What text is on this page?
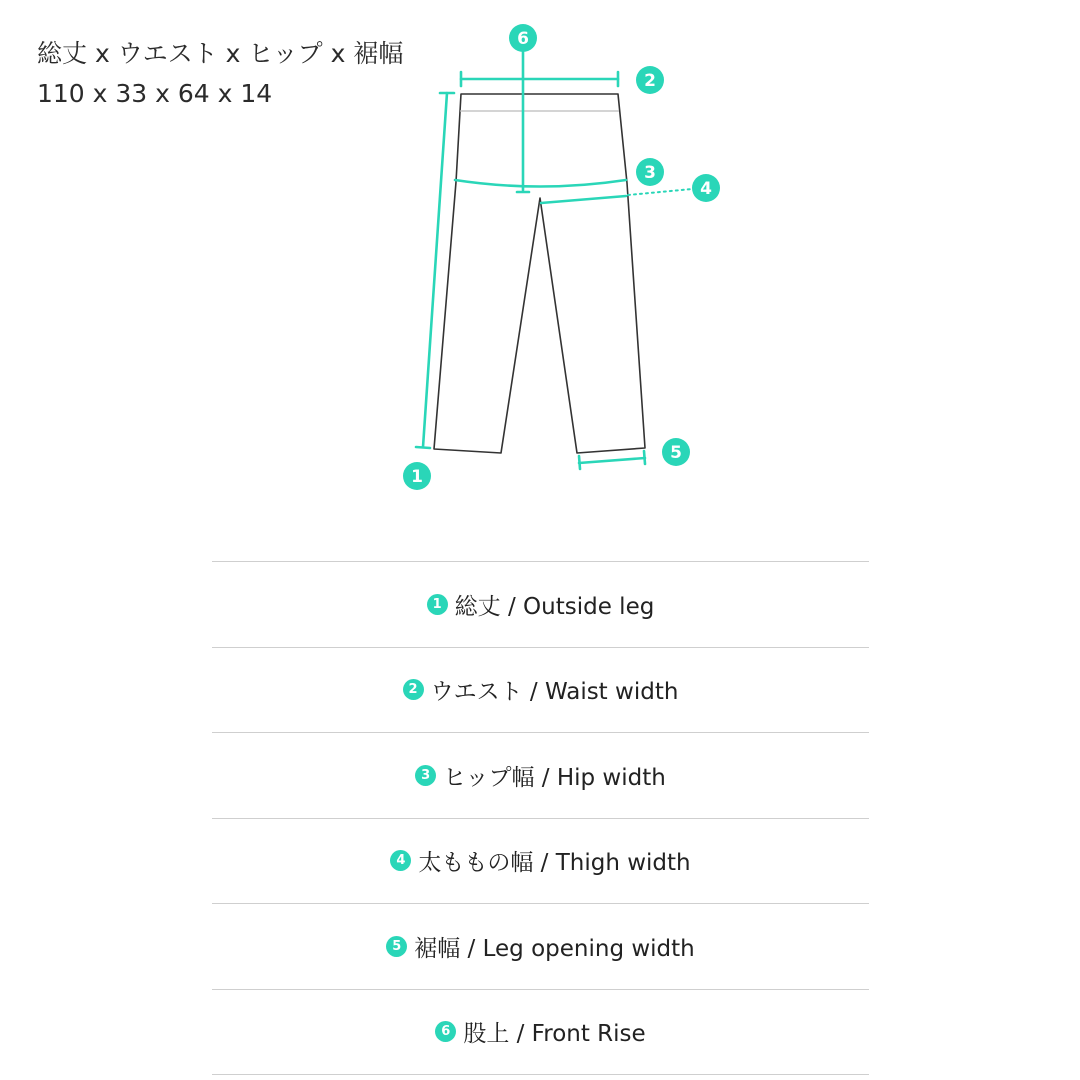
総丈 x ウエスト x ヒップ x 裾幅
110 x 33 x 64 x 14
1
2
3
4
5
6
1 総丈 / Outside leg
2 ウエスト / Waist width
3 ヒップ幅 / Hip width
4 太ももの幅 / Thigh width
5 裾幅 / Leg opening width
6 股上 / Front Rise
